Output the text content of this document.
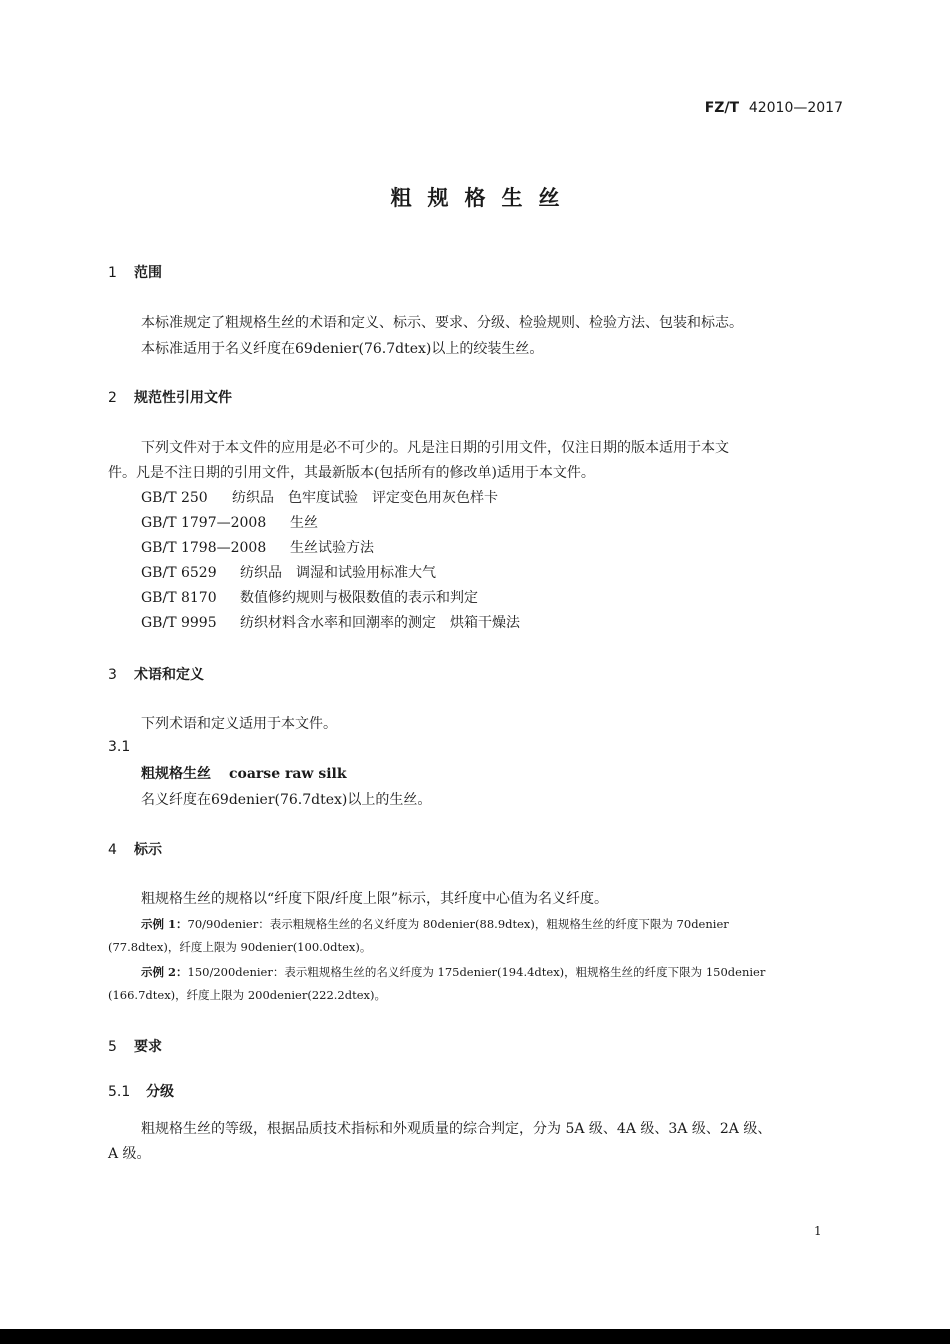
FZ/T 42010—2017
粗规格生丝
1 范围
本标准规定了粗规格生丝的术语和定义、标示、要求、分级、检验规则、检验方法、包装和标志。
本标准适用于名义纤度在69denier(76.7dtex)以上的绞装生丝。
2 规范性引用文件
下列文件对于本文件的应用是必不可少的。凡是注日期的引用文件，仅注日期的版本适用于本文
件。凡是不注日期的引用文件，其最新版本(包括所有的修改单)适用于本文件。
GB/T 250 纺织品　色牢度试验　评定变色用灰色样卡
GB/T 1797—2008 生丝
GB/T 1798—2008 生丝试验方法
GB/T 6529 纺织品　调湿和试验用标准大气
GB/T 8170 数值修约规则与极限数值的表示和判定
GB/T 9995 纺织材料含水率和回潮率的测定　烘箱干燥法
3 术语和定义
下列术语和定义适用于本文件。
3.1
粗规格生丝 coarse raw silk
名义纤度在69denier(76.7dtex)以上的生丝。
4 标示
粗规格生丝的规格以“纤度下限/纤度上限”标示，其纤度中心值为名义纤度。
示例 1：70/90denier：表示粗规格生丝的名义纤度为 80denier(88.9dtex)，粗规格生丝的纤度下限为 70denier
(77.8dtex)，纤度上限为 90denier(100.0dtex)。
示例 2：150/200denier：表示粗规格生丝的名义纤度为 175denier(194.4dtex)，粗规格生丝的纤度下限为 150denier
(166.7dtex)，纤度上限为 200denier(222.2dtex)。
5 要求
5.1 分级
粗规格生丝的等级，根据品质技术指标和外观质量的综合判定，分为 5A 级、4A 级、3A 级、2A 级、
A 级。
1
